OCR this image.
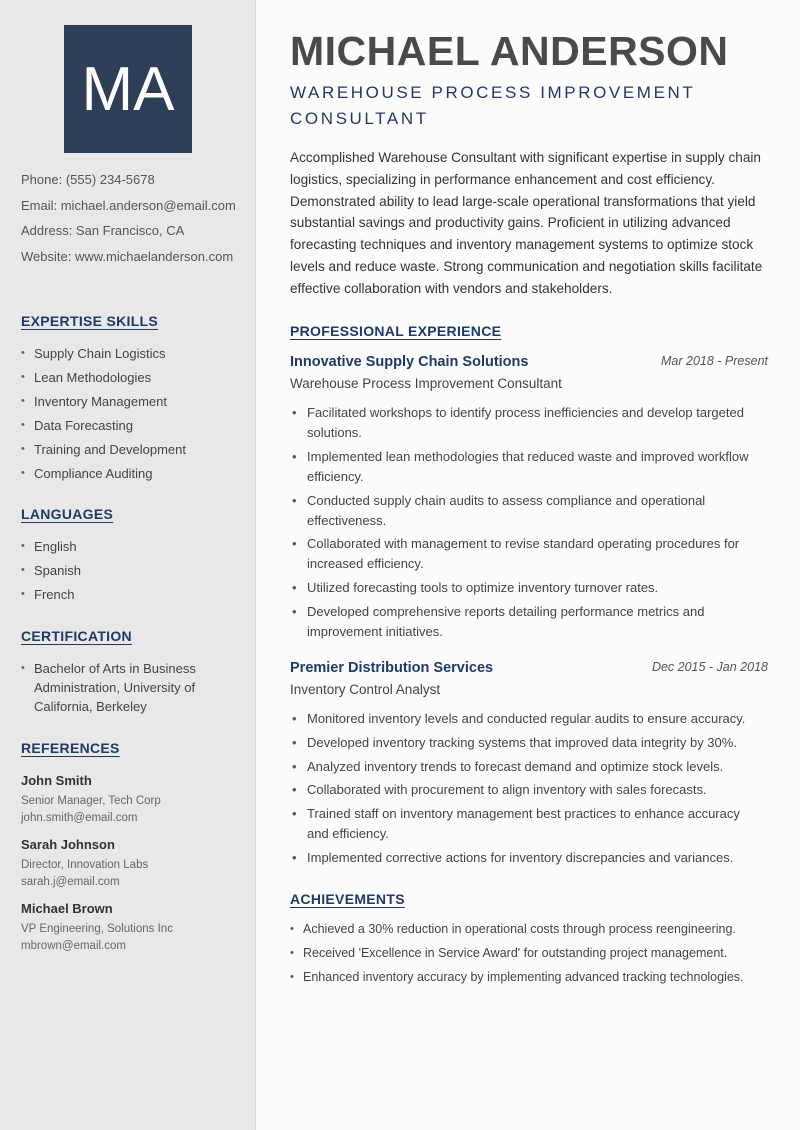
MA
Phone: (555) 234-5678
Email: michael.anderson@email.com
Address: San Francisco, CA
Website: www.michaelanderson.com
EXPERTISE SKILLS
• Supply Chain Logistics
• Lean Methodologies
• Inventory Management
• Data Forecasting
• Training and Development
• Compliance Auditing
LANGUAGES
• English
• Spanish
• French
CERTIFICATION
• Bachelor of Arts in Business Administration, University of California, Berkeley
REFERENCES
John Smith
Senior Manager, Tech Corp
john.smith@email.com
Sarah Johnson
Director, Innovation Labs
sarah.j@email.com
Michael Brown
VP Engineering, Solutions Inc
mbrown@email.com
MICHAEL ANDERSON
WAREHOUSE PROCESS IMPROVEMENT CONSULTANT
Accomplished Warehouse Consultant with significant expertise in supply chain logistics, specializing in performance enhancement and cost efficiency. Demonstrated ability to lead large-scale operational transformations that yield substantial savings and productivity gains. Proficient in utilizing advanced forecasting techniques and inventory management systems to optimize stock levels and reduce waste. Strong communication and negotiation skills facilitate effective collaboration with vendors and stakeholders.
PROFESSIONAL EXPERIENCE
Innovative Supply Chain Solutions	Mar 2018 - Present
Warehouse Process Improvement Consultant
• Facilitated workshops to identify process inefficiencies and develop targeted solutions.
• Implemented lean methodologies that reduced waste and improved workflow efficiency.
• Conducted supply chain audits to assess compliance and operational effectiveness.
• Collaborated with management to revise standard operating procedures for increased efficiency.
• Utilized forecasting tools to optimize inventory turnover rates.
• Developed comprehensive reports detailing performance metrics and improvement initiatives.
Premier Distribution Services	Dec 2015 - Jan 2018
Inventory Control Analyst
• Monitored inventory levels and conducted regular audits to ensure accuracy.
• Developed inventory tracking systems that improved data integrity by 30%.
• Analyzed inventory trends to forecast demand and optimize stock levels.
• Collaborated with procurement to align inventory with sales forecasts.
• Trained staff on inventory management best practices to enhance accuracy and efficiency.
• Implemented corrective actions for inventory discrepancies and variances.
ACHIEVEMENTS
• Achieved a 30% reduction in operational costs through process reengineering.
• Received 'Excellence in Service Award' for outstanding project management.
• Enhanced inventory accuracy by implementing advanced tracking technologies.
